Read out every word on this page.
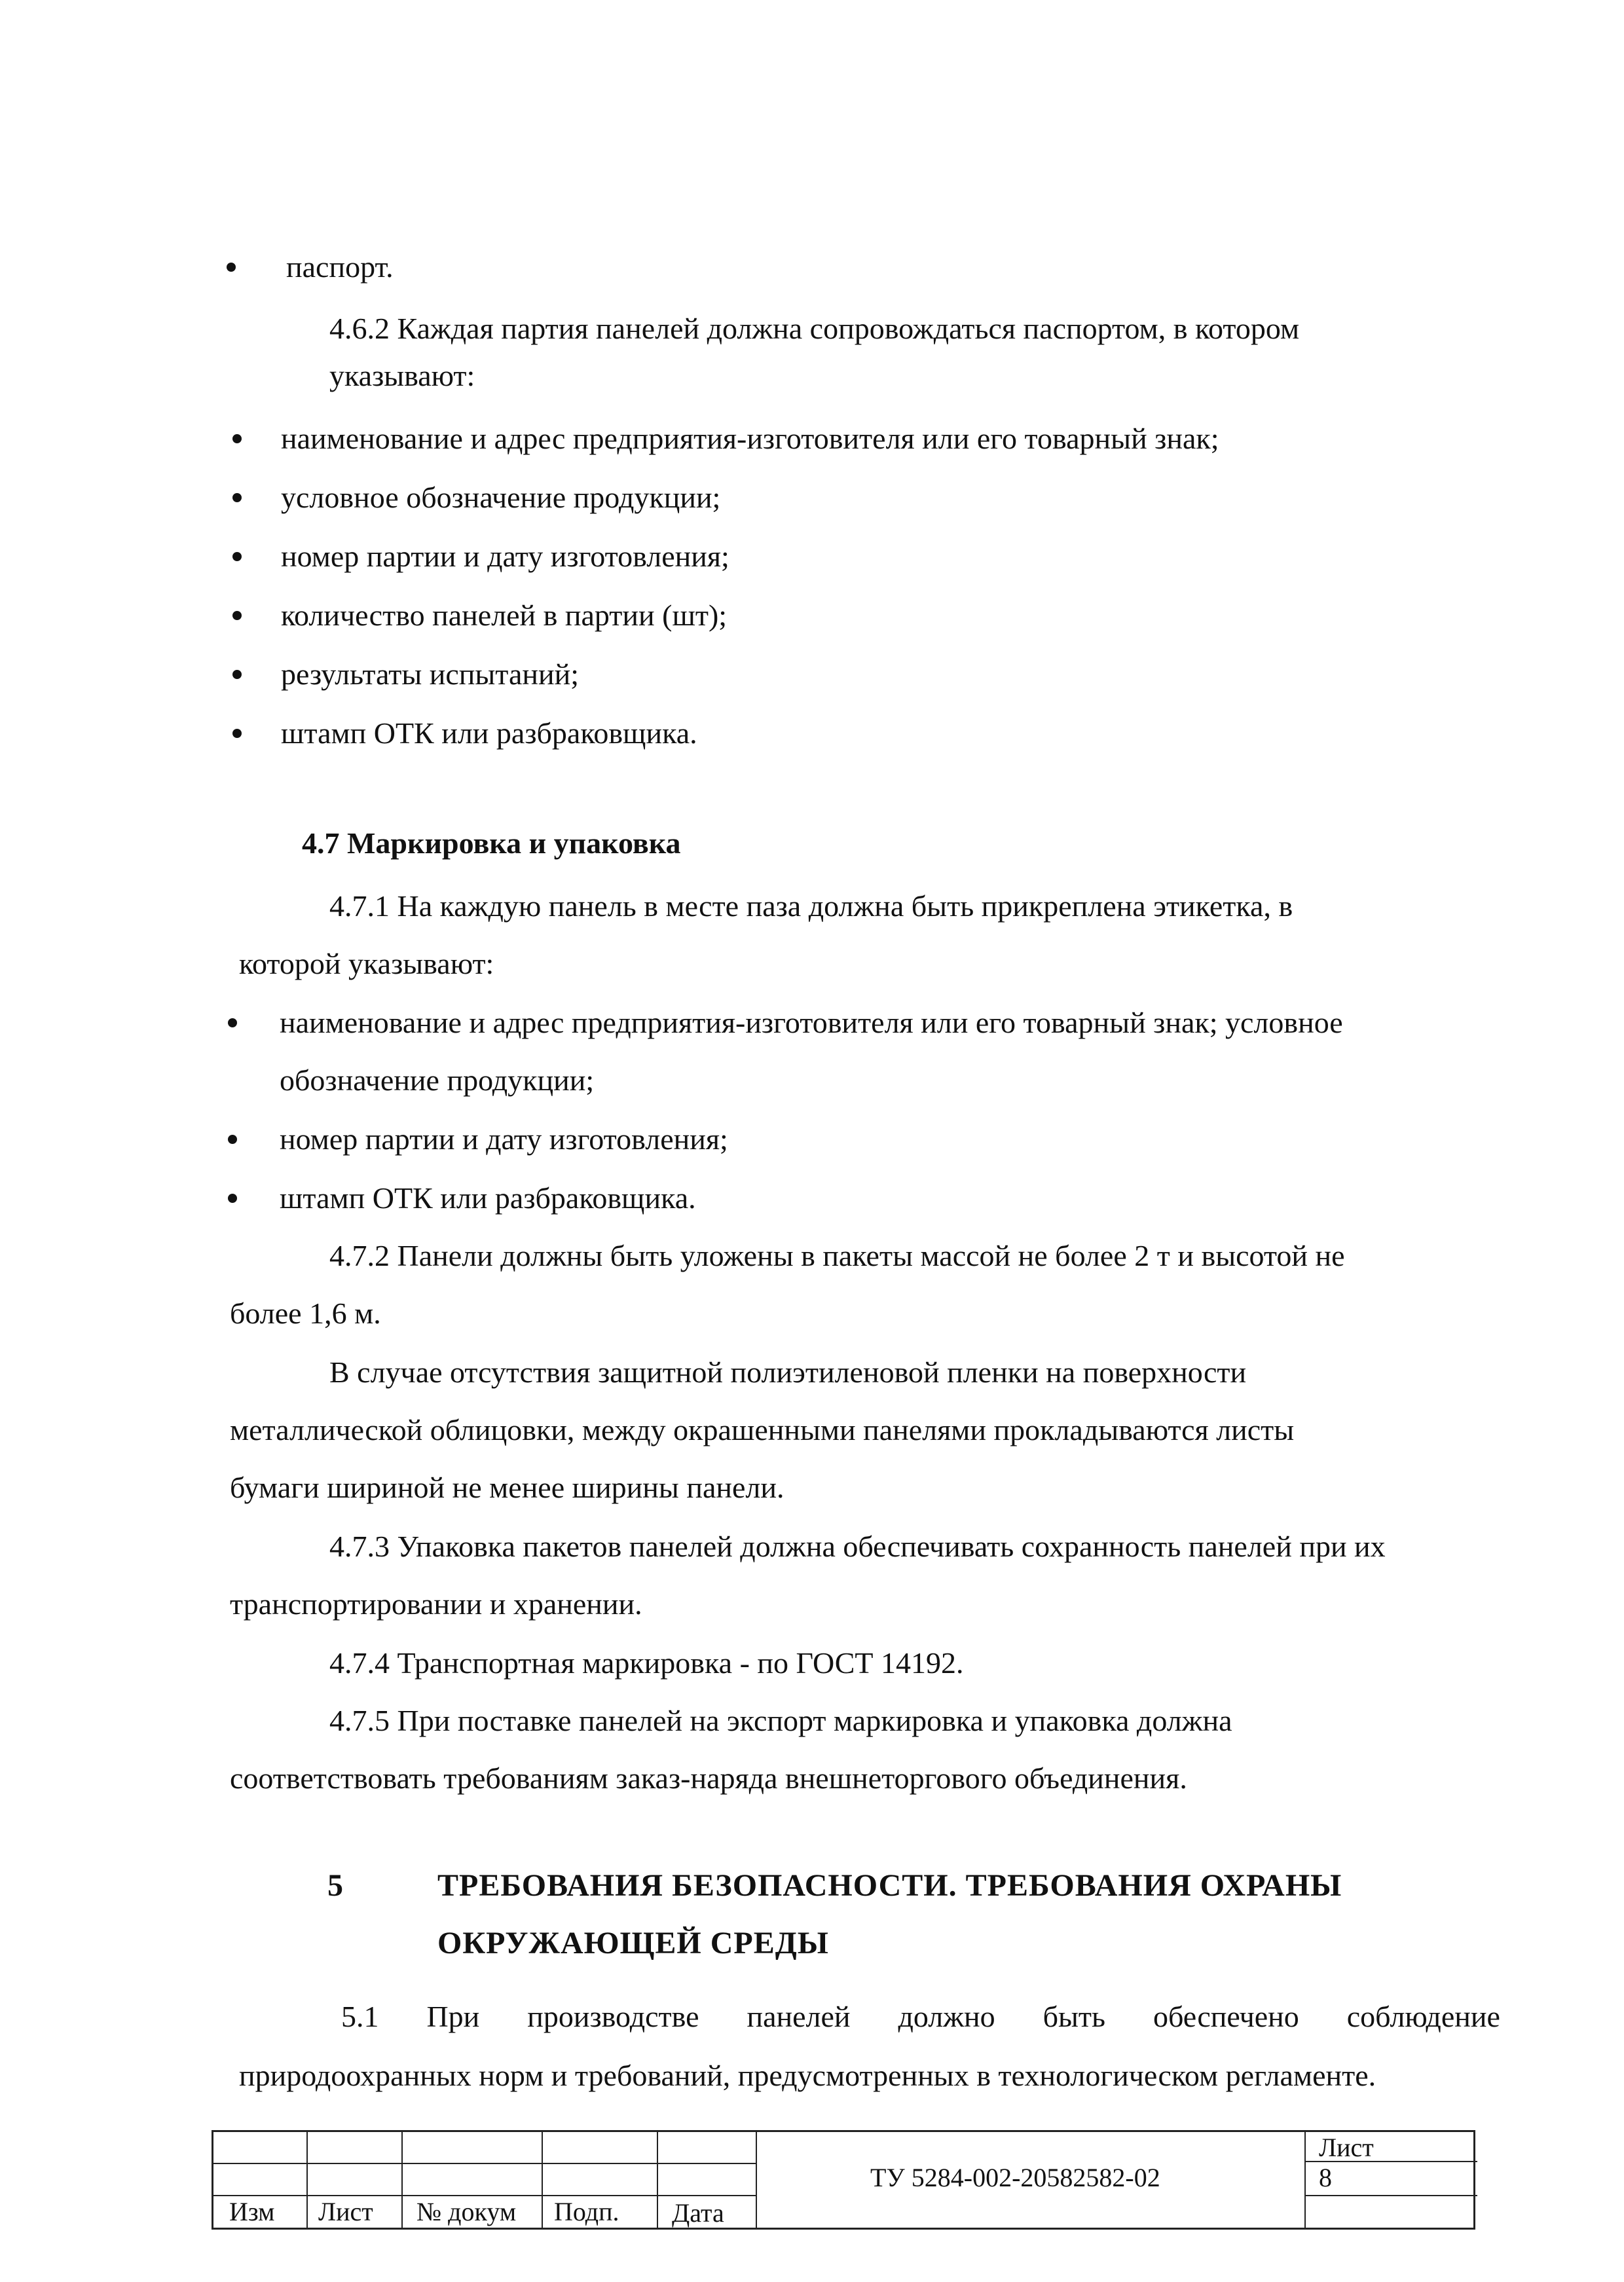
паспорт.
4.6.2 Каждая партия панелей должна сопровождаться паспортом, в котором
указывают:
наименование и адрес предприятия-изготовителя или его товарный знак;
условное обозначение продукции;
номер партии и дату изготовления;
количество панелей в партии (шт);
результаты испытаний;
штамп ОТК или разбраковщика.
4.7 Маркировка и упаковка
4.7.1 На каждую панель в месте паза должна быть прикреплена этикетка, в
которой указывают:
наименование и адрес предприятия-изготовителя или его товарный знак; условное
обозначение продукции;
номер партии и дату изготовления;
штамп ОТК или разбраковщика.
4.7.2 Панели должны быть уложены в пакеты массой не более 2 т и высотой не
более 1,6 м.
В случае отсутствия защитной полиэтиленовой пленки на поверхности
металлической облицовки, между окрашенными панелями прокладываются листы
бумаги шириной не менее ширины панели.
4.7.3 Упаковка пакетов панелей должна обеспечивать сохранность панелей при их
транспортировании и хранении.
4.7.4 Транспортная маркировка - по ГОСТ 14192.
4.7.5 При поставке панелей на экспорт маркировка и упаковка должна
соответствовать требованиям заказ-наряда внешнеторгового объединения.
5	ТРЕБОВАНИЯ БЕЗОПАСНОСТИ. ТРЕБОВАНИЯ ОХРАНЫ
ОКРУЖАЮЩЕЙ СРЕДЫ
5.1 При производстве панелей должно быть обеспечено соблюдение
природоохранных норм и требований, предусмотренных в технологическом регламенте.
Изм Лист № докум Подп. Дата
ТУ 5284-002-20582582-02
Лист
8
